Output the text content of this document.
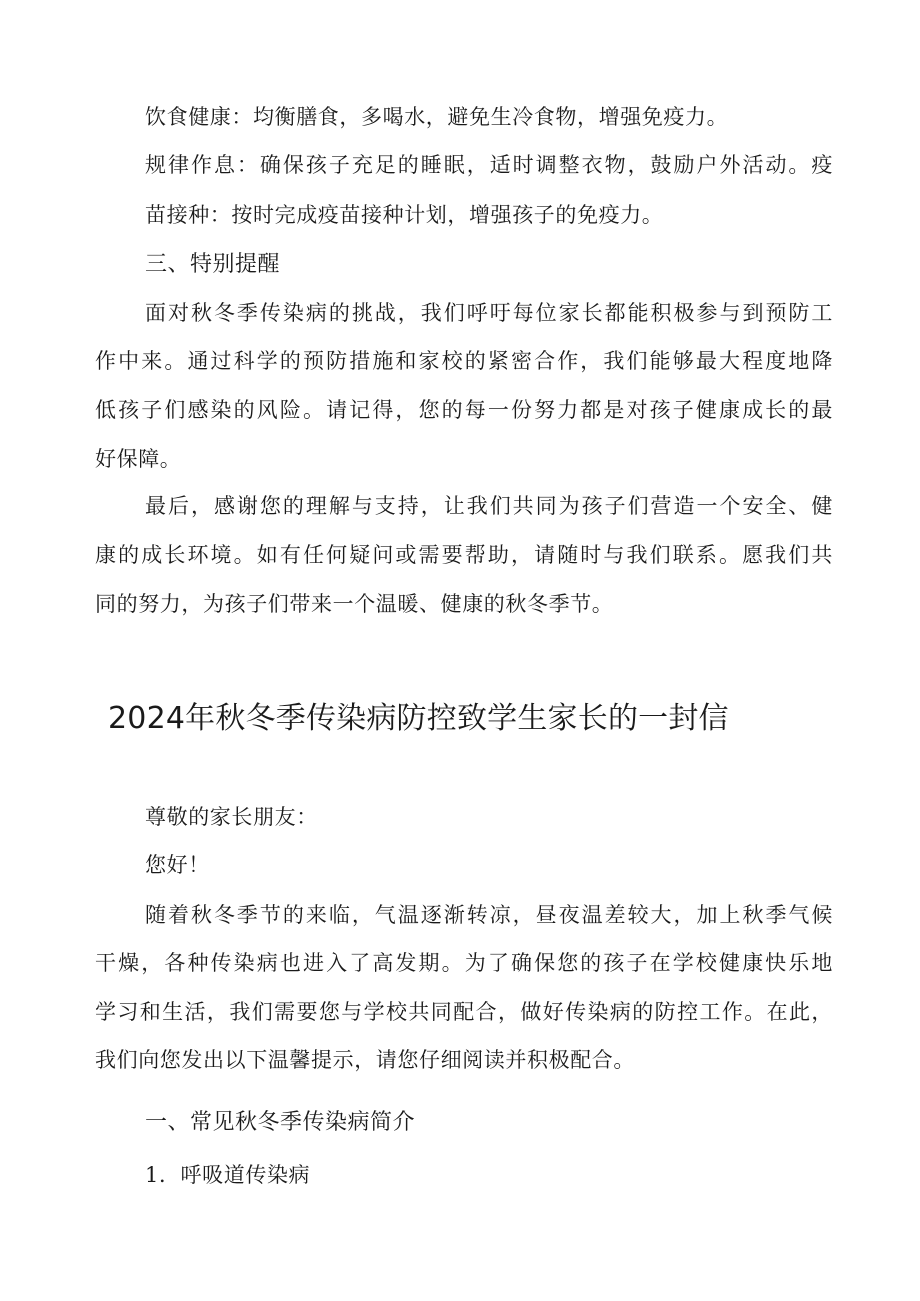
饮食健康：均衡膳食，多喝水，避免生冷食物，增强免疫力。
规律作息：确保孩子充足的睡眠，适时调整衣物，鼓励户外活动。疫
苗接种：按时完成疫苗接种计划，增强孩子的免疫力。
三、特别提醒
面对秋冬季传染病的挑战，我们呼吁每位家长都能积极参与到预防工
作中来。通过科学的预防措施和家校的紧密合作，我们能够最大程度地降
低孩子们感染的风险。请记得，您的每一份努力都是对孩子健康成长的最
好保障。
最后，感谢您的理解与支持，让我们共同为孩子们营造一个安全、健
康的成长环境。如有任何疑问或需要帮助，请随时与我们联系。愿我们共
同的努力，为孩子们带来一个温暖、健康的秋冬季节。
2024年秋冬季传染病防控致学生家长的一封信
尊敬的家长朋友：
您好！
随着秋冬季节的来临，气温逐渐转凉，昼夜温差较大，加上秋季气候
干燥，各种传染病也进入了高发期。为了确保您的孩子在学校健康快乐地
学习和生活，我们需要您与学校共同配合，做好传染病的防控工作。在此，
我们向您发出以下温馨提示，请您仔细阅读并积极配合。
一、常见秋冬季传染病简介
1．呼吸道传染病
